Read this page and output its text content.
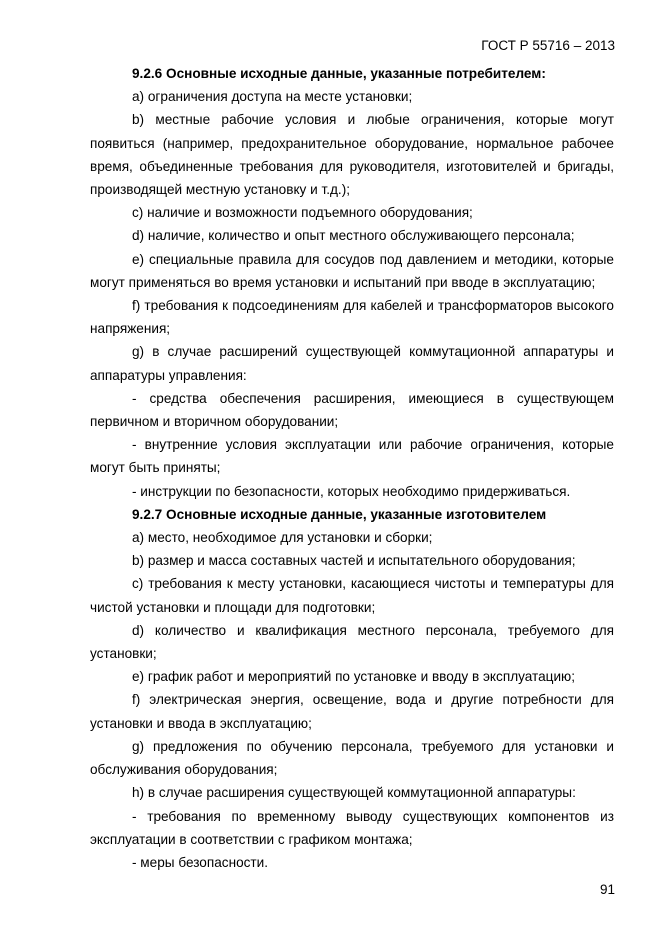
ГОСТ Р 55716 – 2013

9.2.6 Основные исходные данные, указанные потребителем:

а) ограничения доступа на месте установки;

b) местные рабочие условия и любые ограничения, которые могут появиться (например, предохранительное оборудование, нормальное рабочее время, объединенные требования для руководителя, изготовителей и бригады, производящей местную установку и т.д.);

c) наличие и возможности подъемного оборудования;

d) наличие, количество и опыт местного обслуживающего персонала;

e) специальные правила для сосудов под давлением и методики, которые могут применяться во время установки и испытаний при вводе в эксплуатацию;

f) требования к подсоединениям для кабелей и трансформаторов высокого напряжения;

g) в случае расширений существующей коммутационной аппаратуры и аппаратуры управления:

- средства обеспечения расширения, имеющиеся в существующем первичном и вторичном оборудовании;

- внутренние условия эксплуатации или рабочие ограничения, которые могут быть приняты;

- инструкции по безопасности, которых необходимо придерживаться.

9.2.7 Основные исходные данные, указанные изготовителем

а) место, необходимое для установки и сборки;

b) размер и масса составных частей и испытательного оборудования;

c) требования к месту установки, касающиеся чистоты и температуры для чистой установки и площади для подготовки;

d) количество и квалификация местного персонала, требуемого для установки;

e) график работ и мероприятий по установке и вводу в эксплуатацию;

f) электрическая энергия, освещение, вода и другие потребности для установки и ввода в эксплуатацию;

g) предложения по обучению персонала, требуемого для установки и обслуживания оборудования;

h) в случае расширения существующей коммутационной аппаратуры:

- требования по временному выводу существующих компонентов из эксплуатации в соответствии с графиком монтажа;

- меры безопасности.

91
